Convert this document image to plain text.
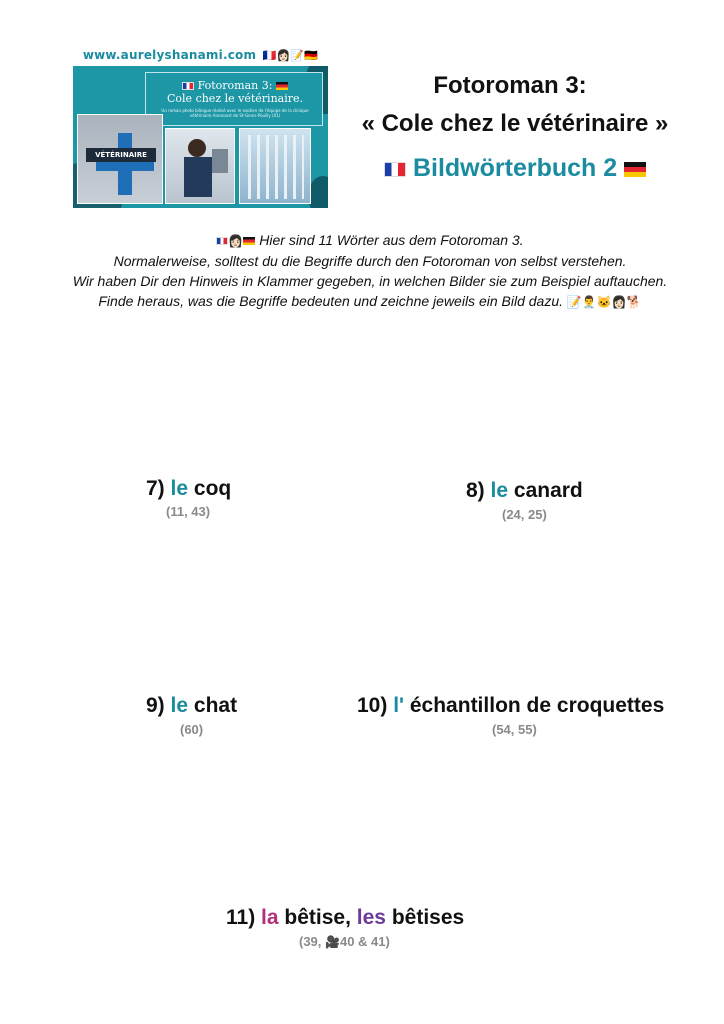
www.aurelyshanami.com 🇫🇷👩🏻📝🇩🇪
Fotoroman 3:
Cole chez le vétérinaire.
Un roman photo bilingue réalisé avec le soutien de l'équipe de la clinique vétérinaire Aronssart de St-Genis-Pouilly (01)
VÉTÉRINAIRE
Fotoroman 3:
« Cole chez le vétérinaire »
Bildwörterbuch 2
👩🏻 Hier sind 11 Wörter aus dem Fotoroman 3.
Normalerweise, solltest du die Begriffe durch den Fotoroman von selbst verstehen.
Wir haben Dir den Hinweis in Klammer gegeben, in welchen Bilder sie zum Beispiel auftauchen.
Finde heraus, was die Begriffe bedeuten und zeichne jeweils ein Bild dazu. 📝👨‍⚕️🐱👩🏻🐕
7) le coq
(11, 43)
8) le canard
(24, 25)
9) le chat
(60)
10) l' échantillon de croquettes
(54, 55)
11) la bêtise, les bêtises
(39, 🎥40 & 41)
